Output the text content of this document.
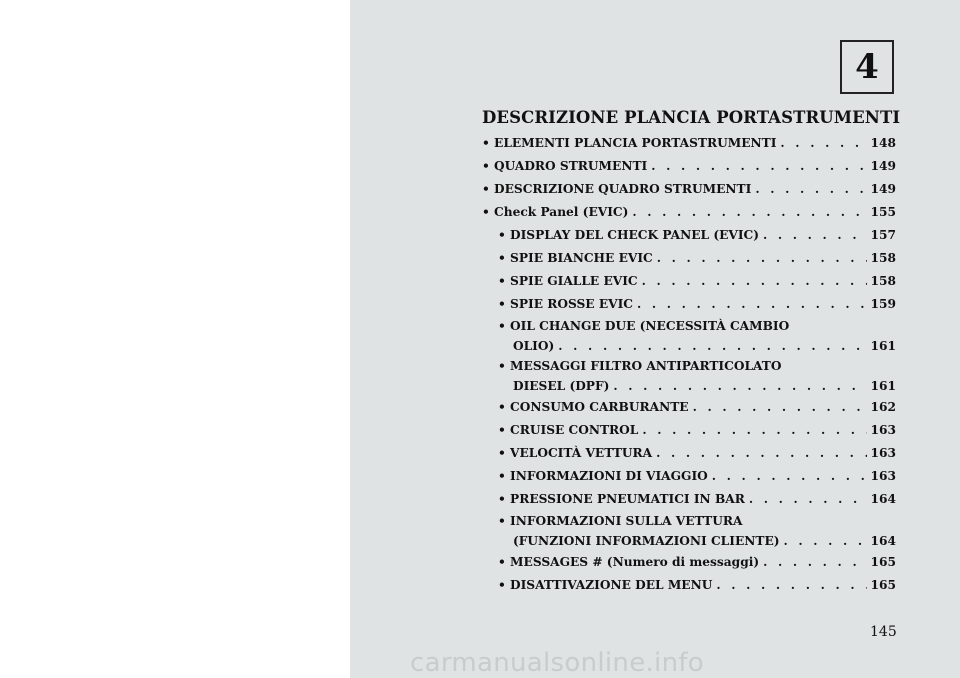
4
DESCRIZIONE PLANCIA PORTASTRUMENTI
• ELEMENTI PLANCIA PORTASTRUMENTI . . .	148
• QUADRO STRUMENTI . . .	149
• DESCRIZIONE QUADRO STRUMENTI . . .	149
• Check Panel (EVIC) . . .	155
• DISPLAY DEL CHECK PANEL (EVIC) . . .	157
• SPIE BIANCHE EVIC . . .	158
• SPIE GIALLE EVIC . . .	158
• SPIE ROSSE EVIC . . .	159
• OIL CHANGE DUE (NECESSITÀ CAMBIO
OLIO) . . .	161
• MESSAGGI FILTRO ANTIPARTICOLATO
DIESEL (DPF) . . .	161
• CONSUMO CARBURANTE . . .	162
• CRUISE CONTROL . . .	163
• VELOCITÀ VETTURA . . .	163
• INFORMAZIONI DI VIAGGIO . . .	163
• PRESSIONE PNEUMATICI IN BAR . . .	164
• INFORMAZIONI SULLA VETTURA
(FUNZIONI INFORMAZIONI CLIENTE) . . .	164
• MESSAGES # (Numero di messaggi) . . .	165
• DISATTIVAZIONE DEL MENU . . .	165
145
carmanualsonline.info
